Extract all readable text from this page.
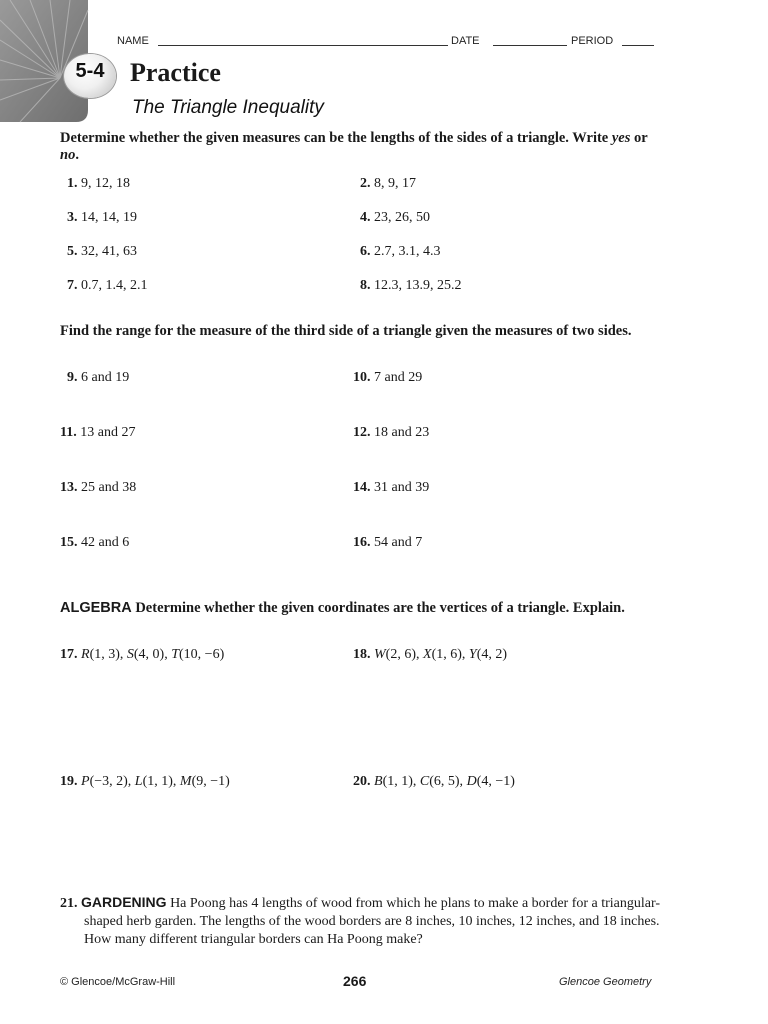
NAME	DATE	PERIOD
5-4 Practice
The Triangle Inequality
Determine whether the given measures can be the lengths of the sides of a triangle. Write yes or no.
1. 9, 12, 18	2. 8, 9, 17
3. 14, 14, 19	4. 23, 26, 50
5. 32, 41, 63	6. 2.7, 3.1, 4.3
7. 0.7, 1.4, 2.1	8. 12.3, 13.9, 25.2
Find the range for the measure of the third side of a triangle given the measures of two sides.
9. 6 and 19	10. 7 and 29
11. 13 and 27	12. 18 and 23
13. 25 and 38	14. 31 and 39
15. 42 and 6	16. 54 and 7
ALGEBRA Determine whether the given coordinates are the vertices of a triangle. Explain.
17. R(1, 3), S(4, 0), T(10, −6)	18. W(2, 6), X(1, 6), Y(4, 2)
19. P(−3, 2), L(1, 1), M(9, −1)	20. B(1, 1), C(6, 5), D(4, −1)
21. GARDENING Ha Poong has 4 lengths of wood from which he plans to make a border for a triangular-shaped herb garden. The lengths of the wood borders are 8 inches, 10 inches, 12 inches, and 18 inches. How many different triangular borders can Ha Poong make?
© Glencoe/McGraw-Hill	266	Glencoe Geometry
